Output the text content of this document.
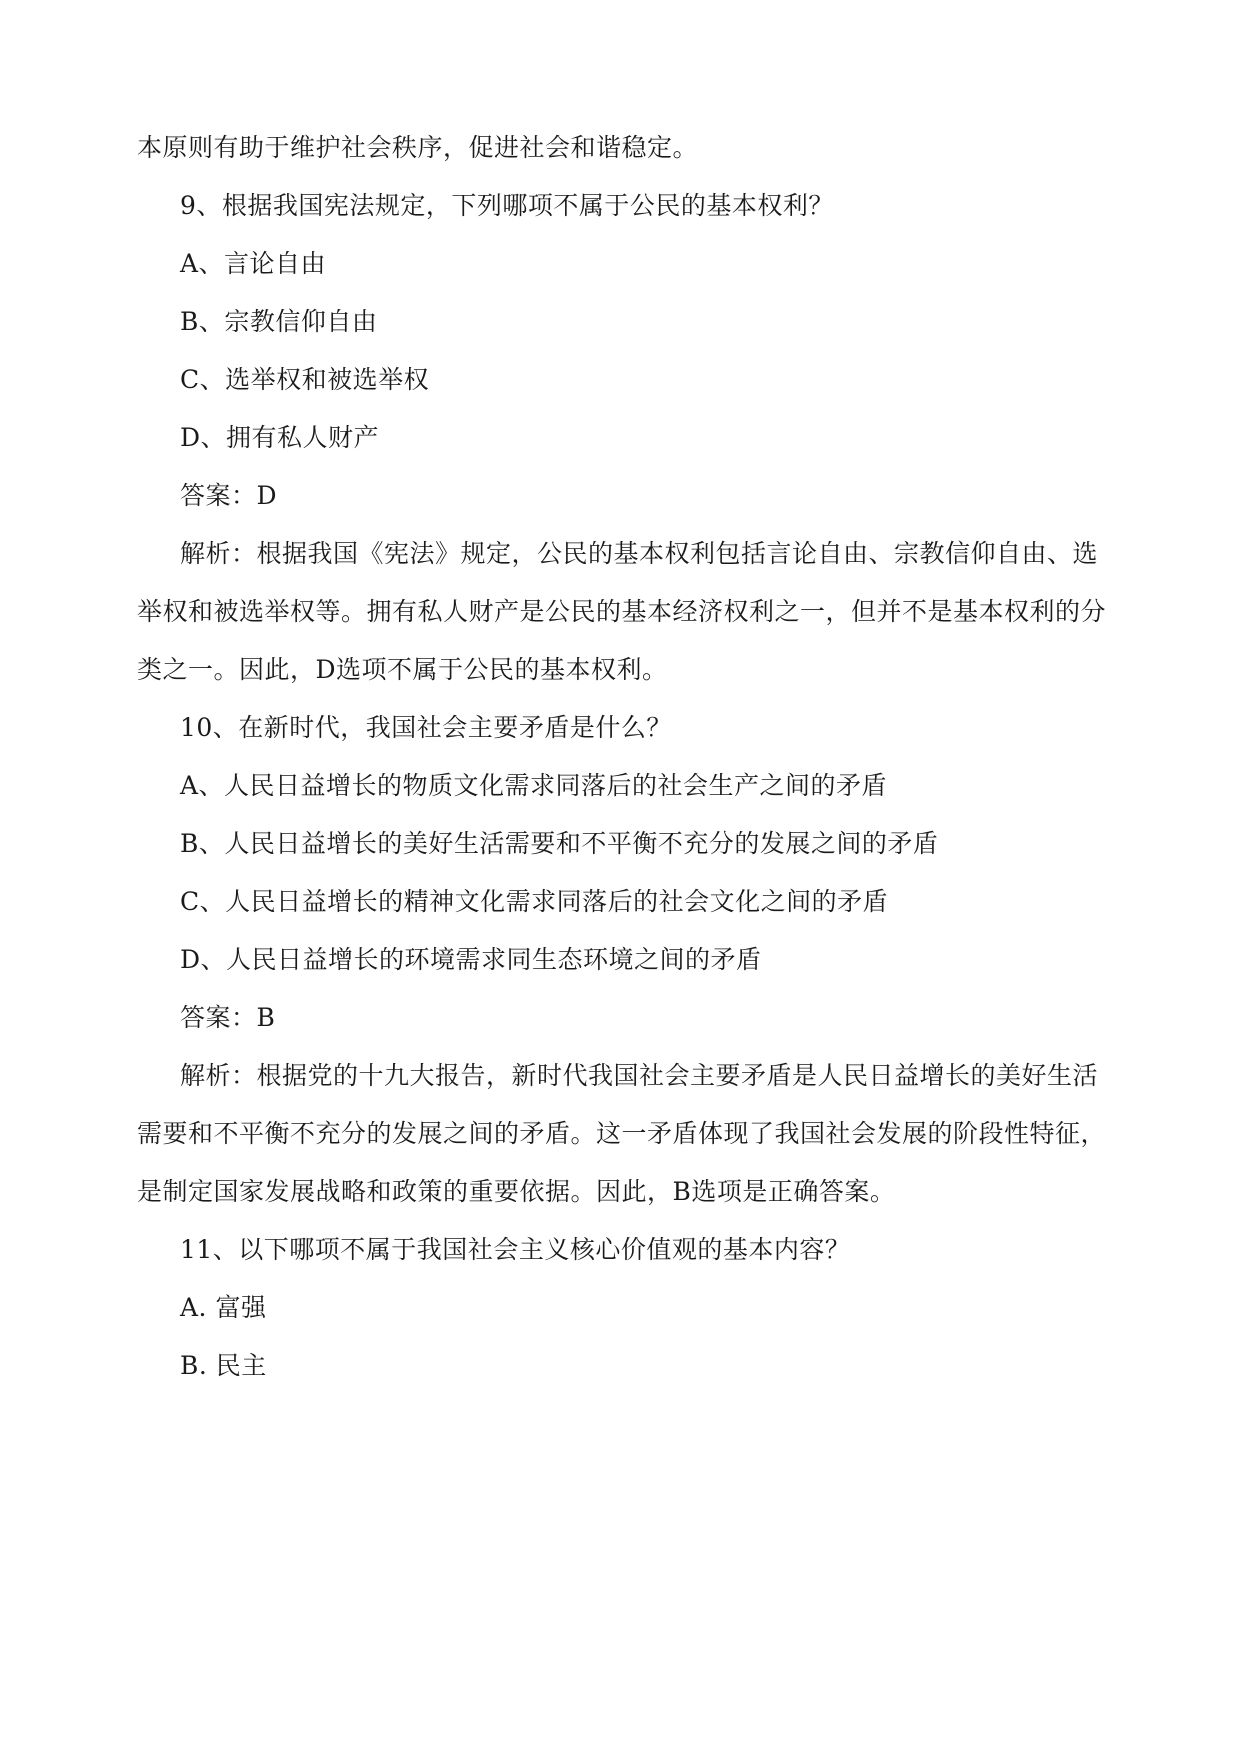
本原则有助于维护社会秩序，促进社会和谐稳定。
9、根据我国宪法规定，下列哪项不属于公民的基本权利？
A、言论自由
B、宗教信仰自由
C、选举权和被选举权
D、拥有私人财产
答案：D
解析：根据我国《宪法》规定，公民的基本权利包括言论自由、宗教信仰自由、选
举权和被选举权等。拥有私人财产是公民的基本经济权利之一，但并不是基本权利的分
类之一。因此，D选项不属于公民的基本权利。
10、在新时代，我国社会主要矛盾是什么？
A、人民日益增长的物质文化需求同落后的社会生产之间的矛盾
B、人民日益增长的美好生活需要和不平衡不充分的发展之间的矛盾
C、人民日益增长的精神文化需求同落后的社会文化之间的矛盾
D、人民日益增长的环境需求同生态环境之间的矛盾
答案：B
解析：根据党的十九大报告，新时代我国社会主要矛盾是人民日益增长的美好生活
需要和不平衡不充分的发展之间的矛盾。这一矛盾体现了我国社会发展的阶段性特征，
是制定国家发展战略和政策的重要依据。因此，B选项是正确答案。
11、以下哪项不属于我国社会主义核心价值观的基本内容？
A. 富强
B. 民主
